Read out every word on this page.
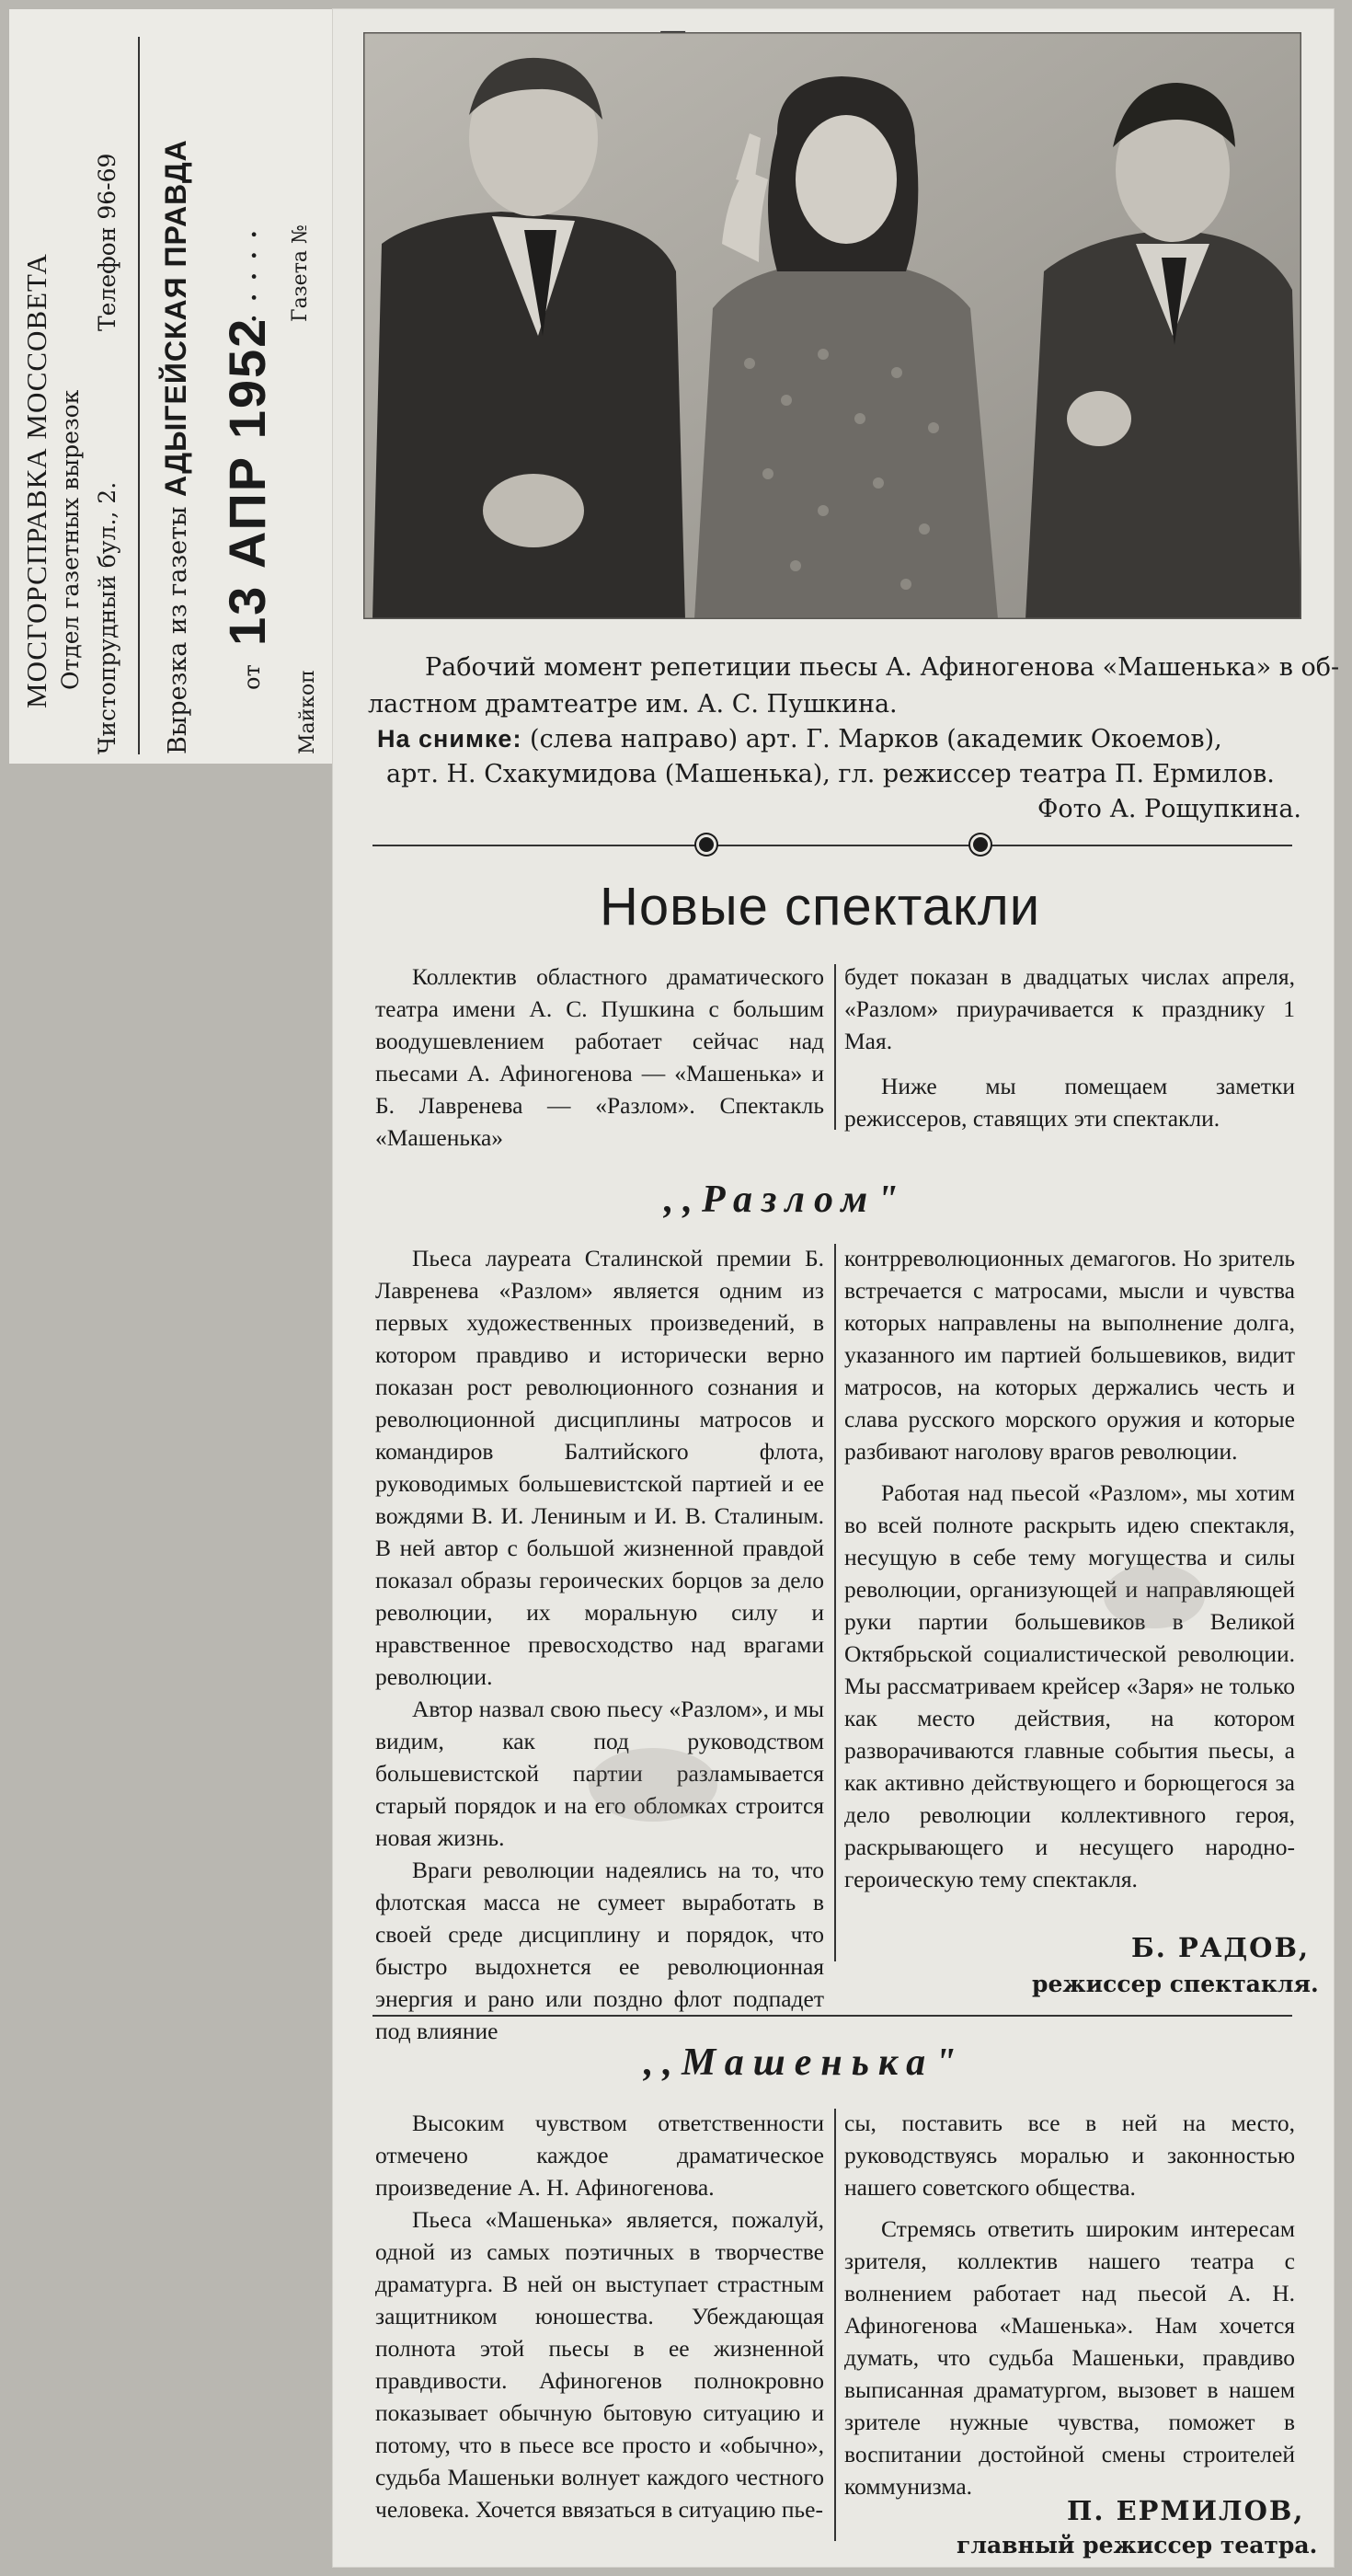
МОСГОРСПРАВКА МОССОВЕТА Отдел газетных вырезок Чистопрудный бул., 2.
Телефон 96-69
Вырезка из газеты
АДЫГЕЙСКАЯ ПРАВДА
от
13 АПР 1952
. . . . .
Майкоп
Газета №
Рабочий момент репетиции пьесы А. Афиногенова «Машенька» в об-
ластном драмтеатре им. А. С. Пушкина.
На снимке: (слева направо) арт. Г. Марков (академик Окоемов),
арт. Н. Схакумидова (Машенька), гл. режиссер театра П. Ермилов.
Фото А. Рощупкина.
Новые спектакли

Коллектив областного драматического театра имени А. С. Пушкина с большим воодушевлением работает сейчас над пьесами А. Афиногенова — «Машенька» и Б. Лавренева — «Разлом». Спектакль «Машенька»

будет показан в двадцатых числах апреля, «Разлом» приурачивается к празднику 1 Мая.

Ниже мы помещаем заметки режиссеров, ставящих эти спектакли.

,,Разлом"

Пьеса лауреата Сталинской премии Б. Лавренева «Разлом» является одним из первых художественных произведений, в котором правдиво и исторически верно показан рост революционного сознания и революционной дисциплины матросов и командиров Балтийского флота, руководимых большевистской партией и ее вождями В. И. Лениным и И. В. Сталиным. В ней автор с большой жизненной правдой показал образы героических борцов за дело революции, их моральную силу и нравственное превосходство над врагами революции.

Автор назвал свою пьесу «Разлом», и мы видим, как под руководством большевистской партии разламывается старый порядок и на его обломках строится новая жизнь.

Враги революции надеялись на то, что флотская масса не сумеет выработать в своей среде дисциплину и порядок, что быстро выдохнется ее революционная энергия и рано или поздно флот подпадет под влияние

контрреволюционных демагогов. Но зритель встречается с матросами, мысли и чувства которых направлены на выполнение долга, указанного им партией большевиков, видит матросов, на которых держались честь и слава русского морского оружия и которые разбивают наголову врагов революции.

Работая над пьесой «Разлом», мы хотим во всей полноте раскрыть идею спектакля, несущую в себе тему могущества и силы революции, организующей и направляющей руки партии большевиков в Великой Октябрьской социалистической революции. Мы рассматриваем крейсер «Заря» не только как место действия, на котором разворачиваются главные события пьесы, а как активно действующего и борющегося за дело революции коллективного героя, раскрывающего и несущего народно-героическую тему спектакля.

Б. РАДОВ,
режиссер спектакля.
,,Машенька"

Высоким чувством ответственности отмечено каждое драматическое произведение А. Н. Афиногенова.

Пьеса «Машенька» является, пожалуй, одной из самых поэтичных в творчестве драматурга. В ней он выступает страстным защитником юношества. Убеждающая полнота этой пьесы в ее жизненной правдивости. Афиногенов полнокровно показывает обычную бытовую ситуацию и потому, что в пьесе все просто и «обычно», судьба Машеньки волнует каждого честного человека. Хочется ввязаться в ситуацию пье-

сы, поставить все в ней на место, руководствуясь моралью и законностью нашего советского общества.

Стремясь ответить широким интересам зрителя, коллектив нашего театра с волнением работает над пьесой А. Н. Афиногенова «Машенька». Нам хочется думать, что судьба Машеньки, правдиво выписанная драматургом, вызовет в нашем зрителе нужные чувства, поможет в воспитании достойной смены строителей коммунизма.

П. ЕРМИЛОВ,
главный режиссер театра.
